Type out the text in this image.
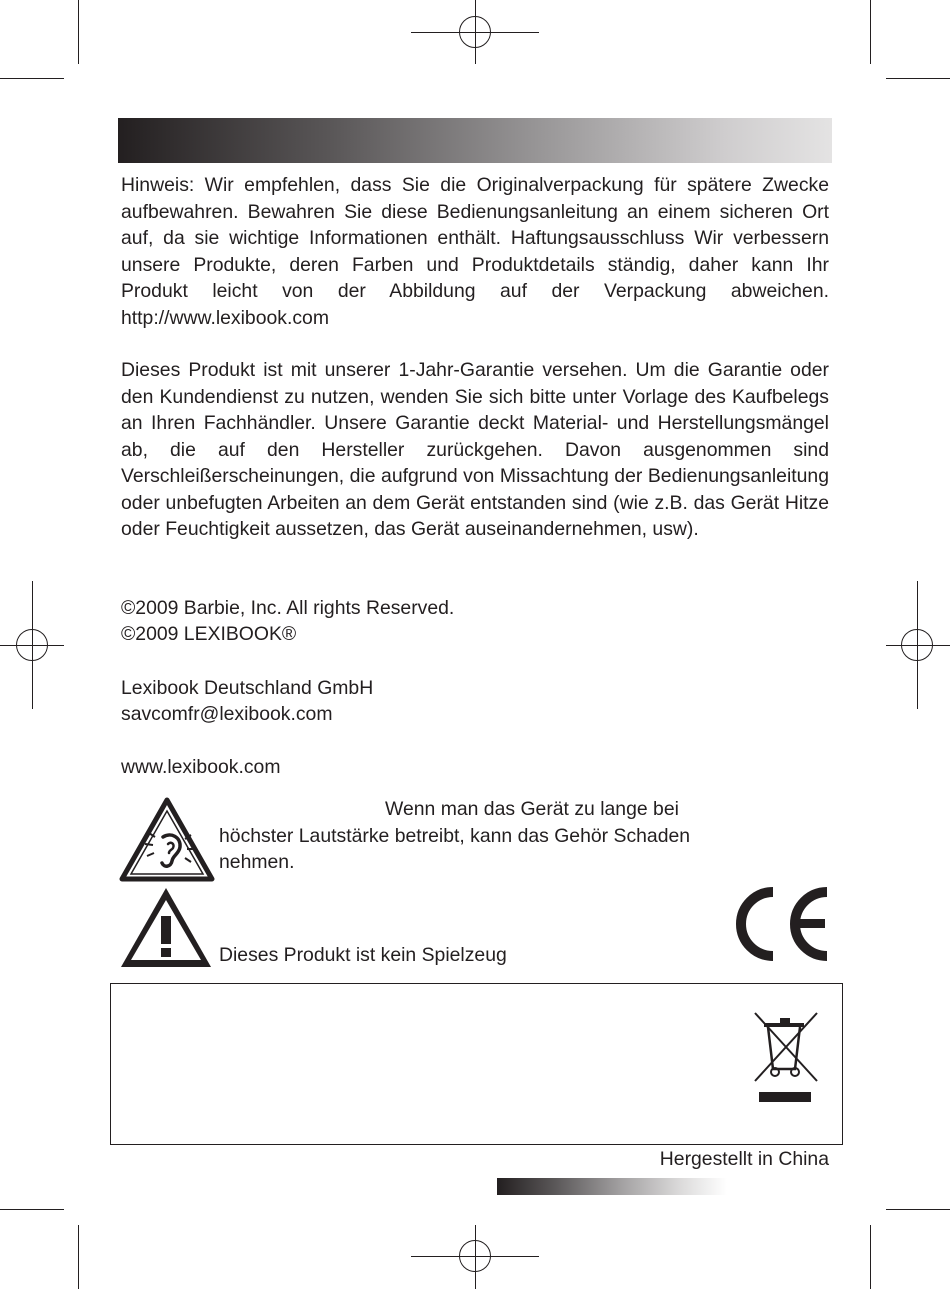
Hinweis: Wir empfehlen, dass Sie die Originalverpackung für spätere Zwecke aufbewahren. Bewahren Sie diese Bedienungsanleitung an einem sicheren Ort auf, da sie wichtige Informationen enthält. Haftungsausschluss Wir verbessern unsere Produkte, deren Farben und Produktdetails ständig, daher kann Ihr Produkt leicht von der Abbildung auf der Verpackung abweichen. http://www.lexibook.com

Dieses Produkt ist mit unserer 1-Jahr-Garantie versehen. Um die Garantie oder den Kundendienst zu nutzen, wenden Sie sich bitte unter Vorlage des Kaufbelegs an Ihren Fachhändler. Unsere Garantie deckt Material- und Herstellungsmängel ab, die auf den Hersteller zurückgehen. Davon ausgenommen sind Verschleißerscheinungen, die aufgrund von Missachtung der Bedienungsanleitung oder unbefugten Arbeiten an dem Gerät entstanden sind (wie z.B. das Gerät Hitze oder Feuchtigkeit aussetzen, das Gerät auseinandernehmen, usw).

©2009 Barbie, Inc. All rights Reserved.
©2009 LEXIBOOK®
Lexibook Deutschland GmbH
savcomfr@lexibook.com
www.lexibook.com
Wenn man das Gerät zu lange bei
höchster Lautstärke betreibt, kann das Gehör Schaden nehmen.
Dieses Produkt ist kein Spielzeug
Hergestellt in China
